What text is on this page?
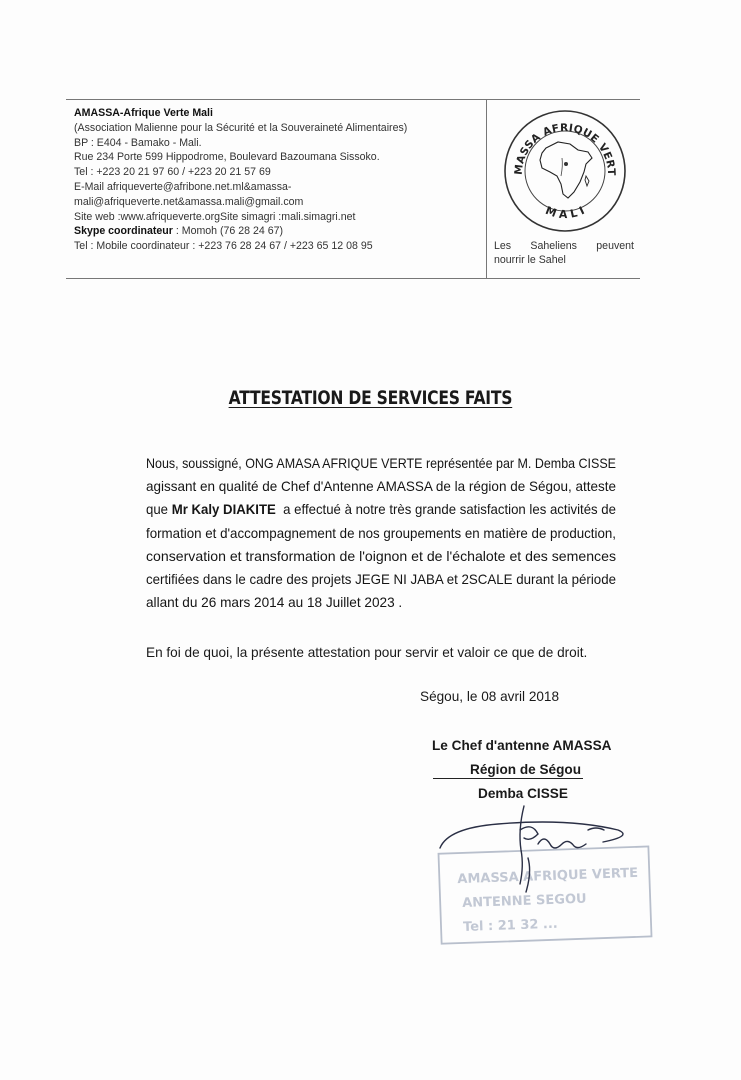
AMASSA-Afrique Verte Mali
(Association Malienne pour la Sécurité et la Souveraineté Alimentaires)
BP : E404 - Bamako - Mali.
Rue 234 Porte 599 Hippodrome, Boulevard Bazoumana Sissoko.
Tel : +223 20 21 97 60 / +223 20 21 57 69
E-Mail afriqueverte@afribone.net.ml&amassa-
mali@afriqueverte.net&amassa.mali@gmail.com
Site web :www.afriqueverte.orgSite simagri :mali.simagri.net
Skype coordinateur : Momoh (76 28 24 67)
Tel : Mobile coordinateur : +223 76 28 24 67 / +223 65 12 08 95
MASSA AFRIQUE VERT
M A L I
Les Saheliens peuvent
nourrir le Sahel
ATTESTATION DE SERVICES FAITS
Nous, soussigné, ONG AMASA AFRIQUE VERTE représentée par M. Demba CISSE
agissant en qualité de Chef d'Antenne AMASSA de la région de Ségou, atteste
que Mr Kaly DIAKITE  a effectué à notre très grande satisfaction les activités de
formation et d'accompagnement de nos groupements en matière de production,
conservation et transformation de l'oignon et de l'échalote et des semences
certifiées dans le cadre des projets JEGE NI JABA et 2SCALE durant la période
allant du 26 mars 2014 au 18 Juillet 2023 .
En foi de quoi, la présente attestation pour servir et valoir ce que de droit.
Ségou, le 08 avril 2018
Le Chef d'antenne AMASSA
Région de Ségou
Demba CISSE
AMASSA AFRIQUE VERTE
ANTENNE SEGOU
Tel : 21 32 ...
